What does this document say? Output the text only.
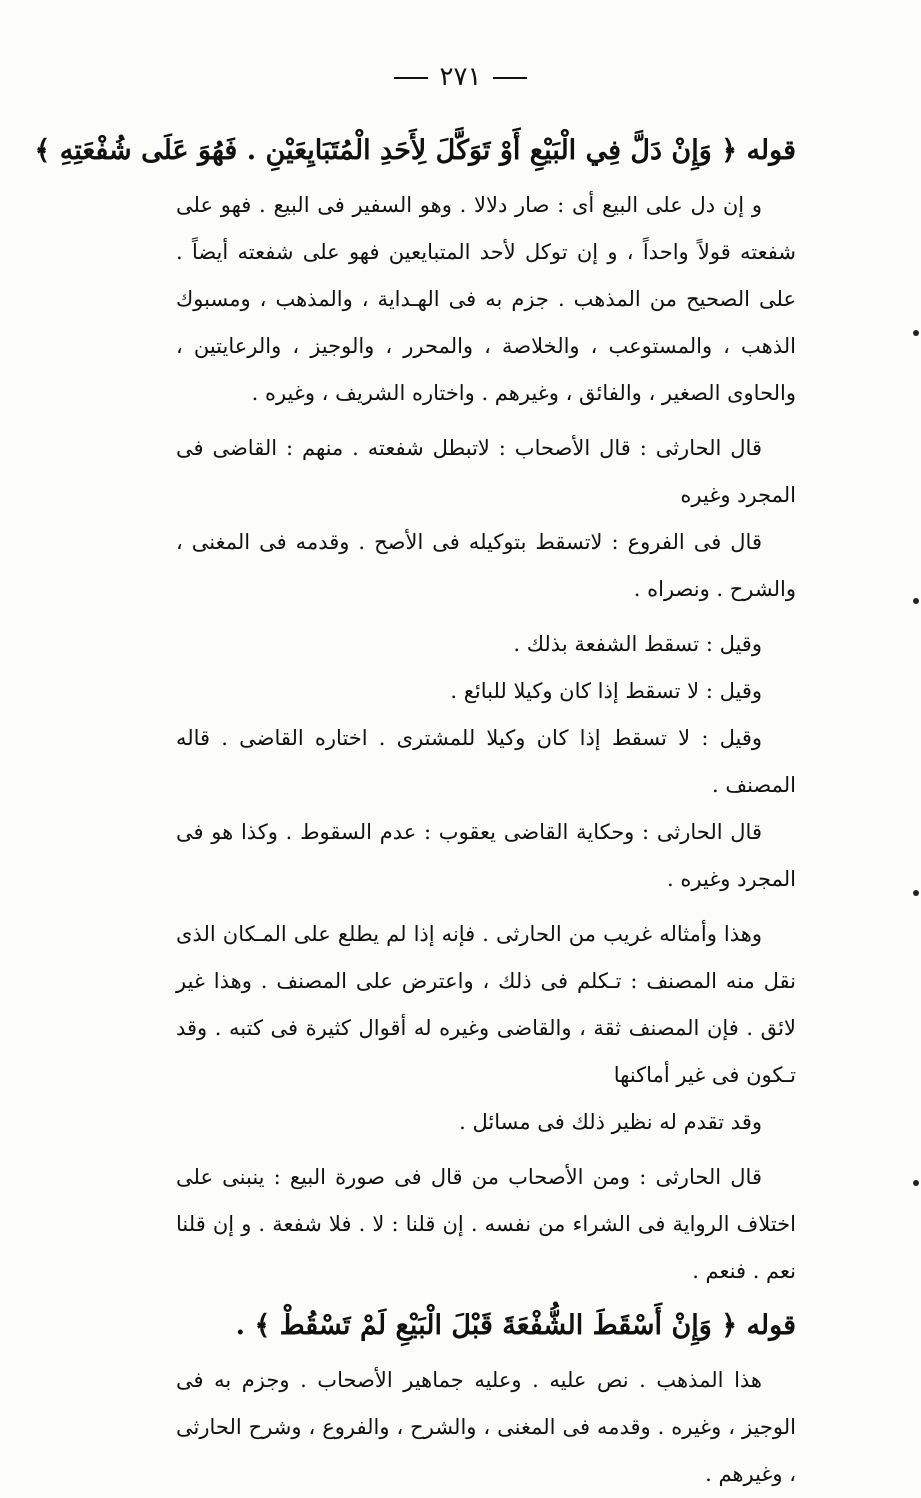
٢٧١
قوله ﴿ وَإِنْ دَلَّ فِي الْبَيْعِ أَوْ تَوَكَّلَ لِأَحَدِ الْمُتَبَايِعَيْنِ . فَهُوَ عَلَى شُفْعَتِهِ ﴾

و إن دل على البيع أى : صار دلالا . وهو السفير فى البيع . فهو على شفعته قولاً واحداً ، و إن توكل لأحد المتبايعين فهو على شفعته أيضاً . على الصحيح من المذهب . جزم به فى الهـداية ، والمذهب ، ومسبوك الذهب ، والمستوعب ، والخلاصة ، والمحرر ، والوجيز ، والرعايتين ، والحاوى الصغير ، والفائق ، وغيرهم . واختاره الشريف ، وغيره .

قال الحارثى : قال الأصحاب : لاتبطل شفعته . منهم : القاضى فى المجرد وغيره

قال فى الفروع : لاتسقط بتوكيله فى الأصح . وقدمه فى المغنى ، والشرح . ونصراه .

وقيل : تسقط الشفعة بذلك .

وقيل : لا تسقط إذا كان وكيلا للبائع .

وقيل : لا تسقط إذا كان وكيلا للمشترى . اختاره القاضى . قاله المصنف .

قال الحارثى : وحكاية القاضى يعقوب : عدم السقوط . وكذا هو فى المجرد وغيره .

وهذا وأمثاله غريب من الحارثى . فإنه إذا لم يطلع على المـكان الذى نقل منه المصنف : تـكلم فى ذلك ، واعترض على المصنف . وهذا غير لائق . فإن المصنف ثقة ، والقاضى وغيره له أقوال كثيرة فى كتبه . وقد تـكون فى غير أماكنها

وقد تقدم له نظير ذلك فى مسائل .

قال الحارثى : ومن الأصحاب من قال فى صورة البيع : ينبنى على اختلاف الرواية فى الشراء من نفسه . إن قلنا : لا . فلا شفعة . و إن قلنا نعم . فنعم .

قوله ﴿ وَإِنْ أَسْقَطَ الشُّفْعَةَ قَبْلَ الْبَيْعِ لَمْ تَسْقُطْ ﴾ .

هذا المذهب . نص عليه . وعليه جماهير الأصحاب . وجزم به فى الوجيز ، وغيره . وقدمه فى المغنى ، والشرح ، والفروع ، وشرح الحارثى ، وغيرهم .
